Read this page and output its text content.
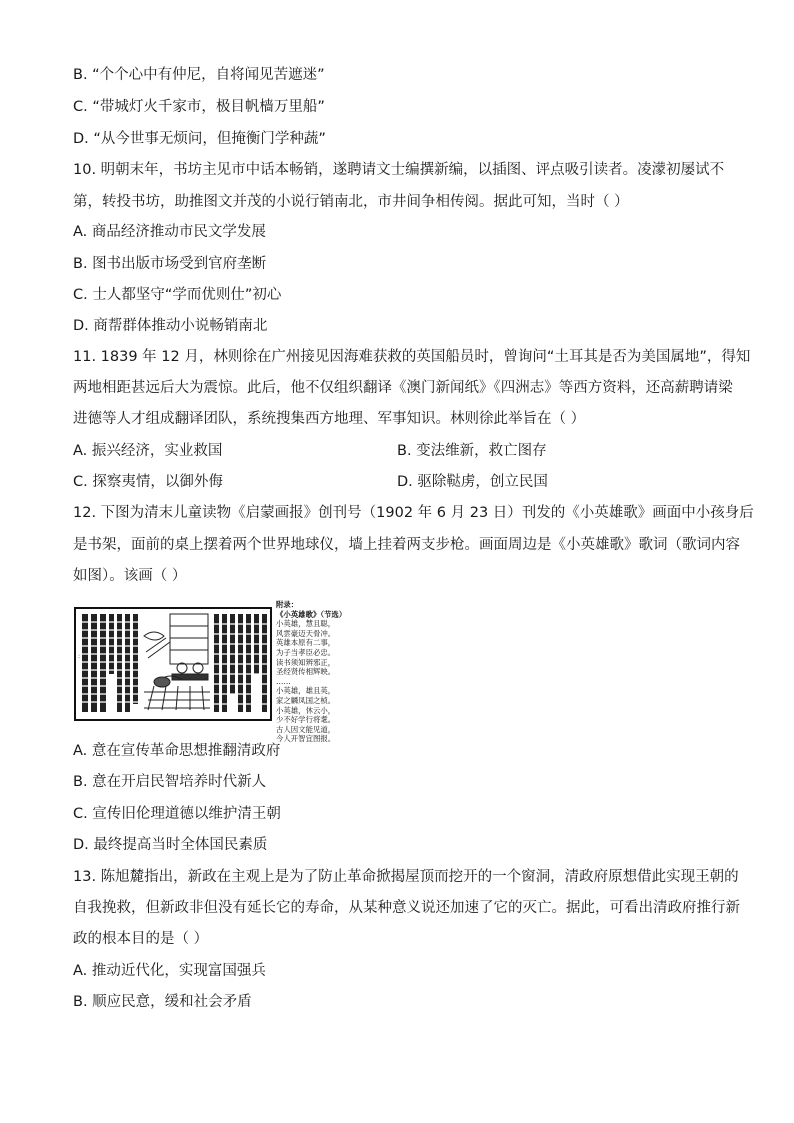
B. “个个心中有仲尼，自将闻见苦遮迷”
C. “带城灯火千家市，极目帆樯万里船”
D. “从今世事无烦问，但掩衡门学种蔬”
10. 明朝末年，书坊主见市中话本畅销，遂聘请文士编撰新编，以插图、评点吸引读者。凌濛初屡试不
第，转投书坊，助推图文并茂的小说行销南北，市井间争相传阅。据此可知，当时（ ）
A. 商品经济推动市民文学发展
B. 图书出版市场受到官府垄断
C. 士人都坚守“学而优则仕”初心
D. 商帮群体推动小说畅销南北
11. 1839 年 12 月，林则徐在广州接见因海难获救的英国船员时，曾询问“土耳其是否为美国属地”，得知
两地相距甚远后大为震惊。此后，他不仅组织翻译《澳门新闻纸》《四洲志》等西方资料，还高薪聘请梁
进德等人才组成翻译团队，系统搜集西方地理、军事知识。林则徐此举旨在（ ）
A. 振兴经济，实业救国	B. 变法维新，救亡图存
C. 探察夷情，以御外侮	D. 驱除鞑虏，创立民国
12. 下图为清末儿童读物《启蒙画报》创刊号（1902 年 6 月 23 日）刊发的《小英雄歌》画面中小孩身后
是书架，面前的桌上摆着两个世界地球仪，墙上挂着两支步枪。画面周边是《小英雄歌》歌词（歌词内容
如图）。该画（ ）
:
附录：
《小英雄歌》（节选）
小英雄，慧且聪，
风雲豪迈天骨冲。
英雄本原有二事，
为子当孝臣必忠。
读书须知辨邪正，
圣经贤传相辉映。
……
小英雄，雄且英，
家之麟凤国之桢。
小英雄，休云小，
少不好学行将耄。
古人因文能见道，
今人开智宜图报。
A. 意在宣传革命思想推翻清政府
B. 意在开启民智培养时代新人
C. 宣传旧伦理道德以维护清王朝
D. 最终提高当时全体国民素质
13. 陈旭麓指出，新政在主观上是为了防止革命掀揭屋顶而挖开的一个窗洞，清政府原想借此实现王朝的
自我挽救，但新政非但没有延长它的寿命，从某种意义说还加速了它的灭亡。据此，可看出清政府推行新
政的根本目的是（ ）
A. 推动近代化，实现富国强兵
B. 顺应民意，缓和社会矛盾
